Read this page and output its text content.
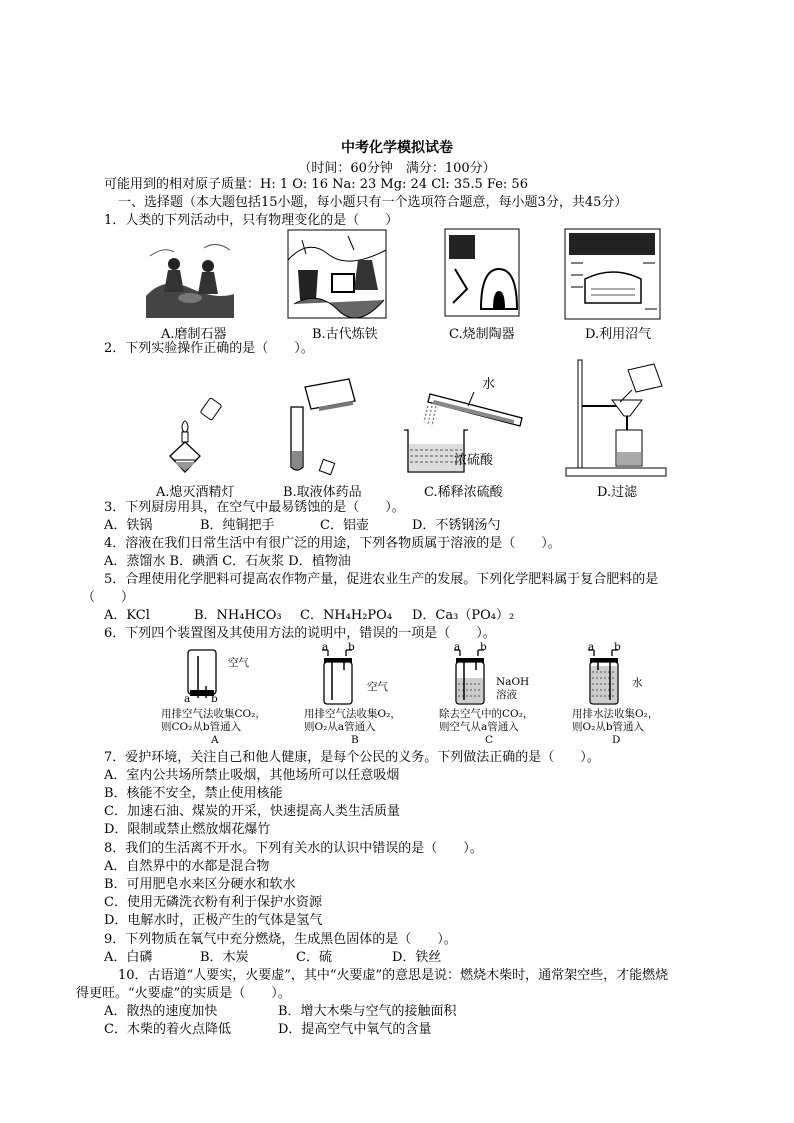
中考化学模拟试卷
（时间：60分钟　满分：100分）
可能用到的相对原子质量：H: 1 O: 16 Na: 23 Mg: 24 Cl: 35.5 Fe: 56
一、选择题（本大题包括15小题，每小题只有一个选项符合题意，每小题3分，共45分）
1．人类的下列活动中，只有物理变化的是（　　）
A.磨制石器	B.古代炼铁	C.烧制陶器	D.利用沼气
2．下列实验操作正确的是（　　）。
水
浓硫酸
A.熄灭酒精灯	B.取液体药品	C.稀释浓硫酸	D.过滤
3．下列厨房用具，在空气中最易锈蚀的是（　　）。
A．铁锅	B．纯铜把手	C．铝壶	D．不锈钢汤勺
4．溶液在我们日常生活中有很广泛的用途，下列各物质属于溶液的是（　　）。
A．蒸馏水 B．碘酒 C．石灰浆 D．植物油
5．合理使用化学肥料可提高农作物产量，促进农业生产的发展。下列化学肥料属于复合肥料的是
（　　）
A．KCl	B．NH₄HCO₃ C．NH₄H₂PO₄ D．Ca₃（PO₄）₂
6．下列四个装置图及其使用方法的说明中，错误的一项是（　　）。
空气
a b
a b
空气
a b
NaOH
溶液
a b
水
用排空气法收集CO₂，
则CO₂从b管通入
A
用排空气法收集O₂，
则O₂从a管通入
B
除去空气中的CO₂，
则空气从a管通入
C
用排水法收集O₂，
则O₂从b管通入
D
7．爱护环境，关注自己和他人健康，是每个公民的义务。下列做法正确的是（　　）。
A．室内公共场所禁止吸烟，其他场所可以任意吸烟
B．核能不安全，禁止使用核能
C．加速石油、煤炭的开采，快速提高人类生活质量
D．限制或禁止燃放烟花爆竹
8．我们的生活离不开水。下列有关水的认识中错误的是（　　）。
A．自然界中的水都是混合物
B．可用肥皂水来区分硬水和软水
C．使用无磷洗衣粉有利于保护水资源
D．电解水时，正极产生的气体是氢气
9．下列物质在氧气中充分燃烧，生成黑色固体的是（　　）。
A．白磷	B．木炭	C．硫	D．铁丝
10．古语道“人要实，火要虚”，其中“火要虚”的意思是说：燃烧木柴时，通常架空些，才能燃烧
得更旺。“火要虚”的实质是（　　）。
A．散热的速度加快	B．增大木柴与空气的接触面积
C．木柴的着火点降低	D．提高空气中氧气的含量
